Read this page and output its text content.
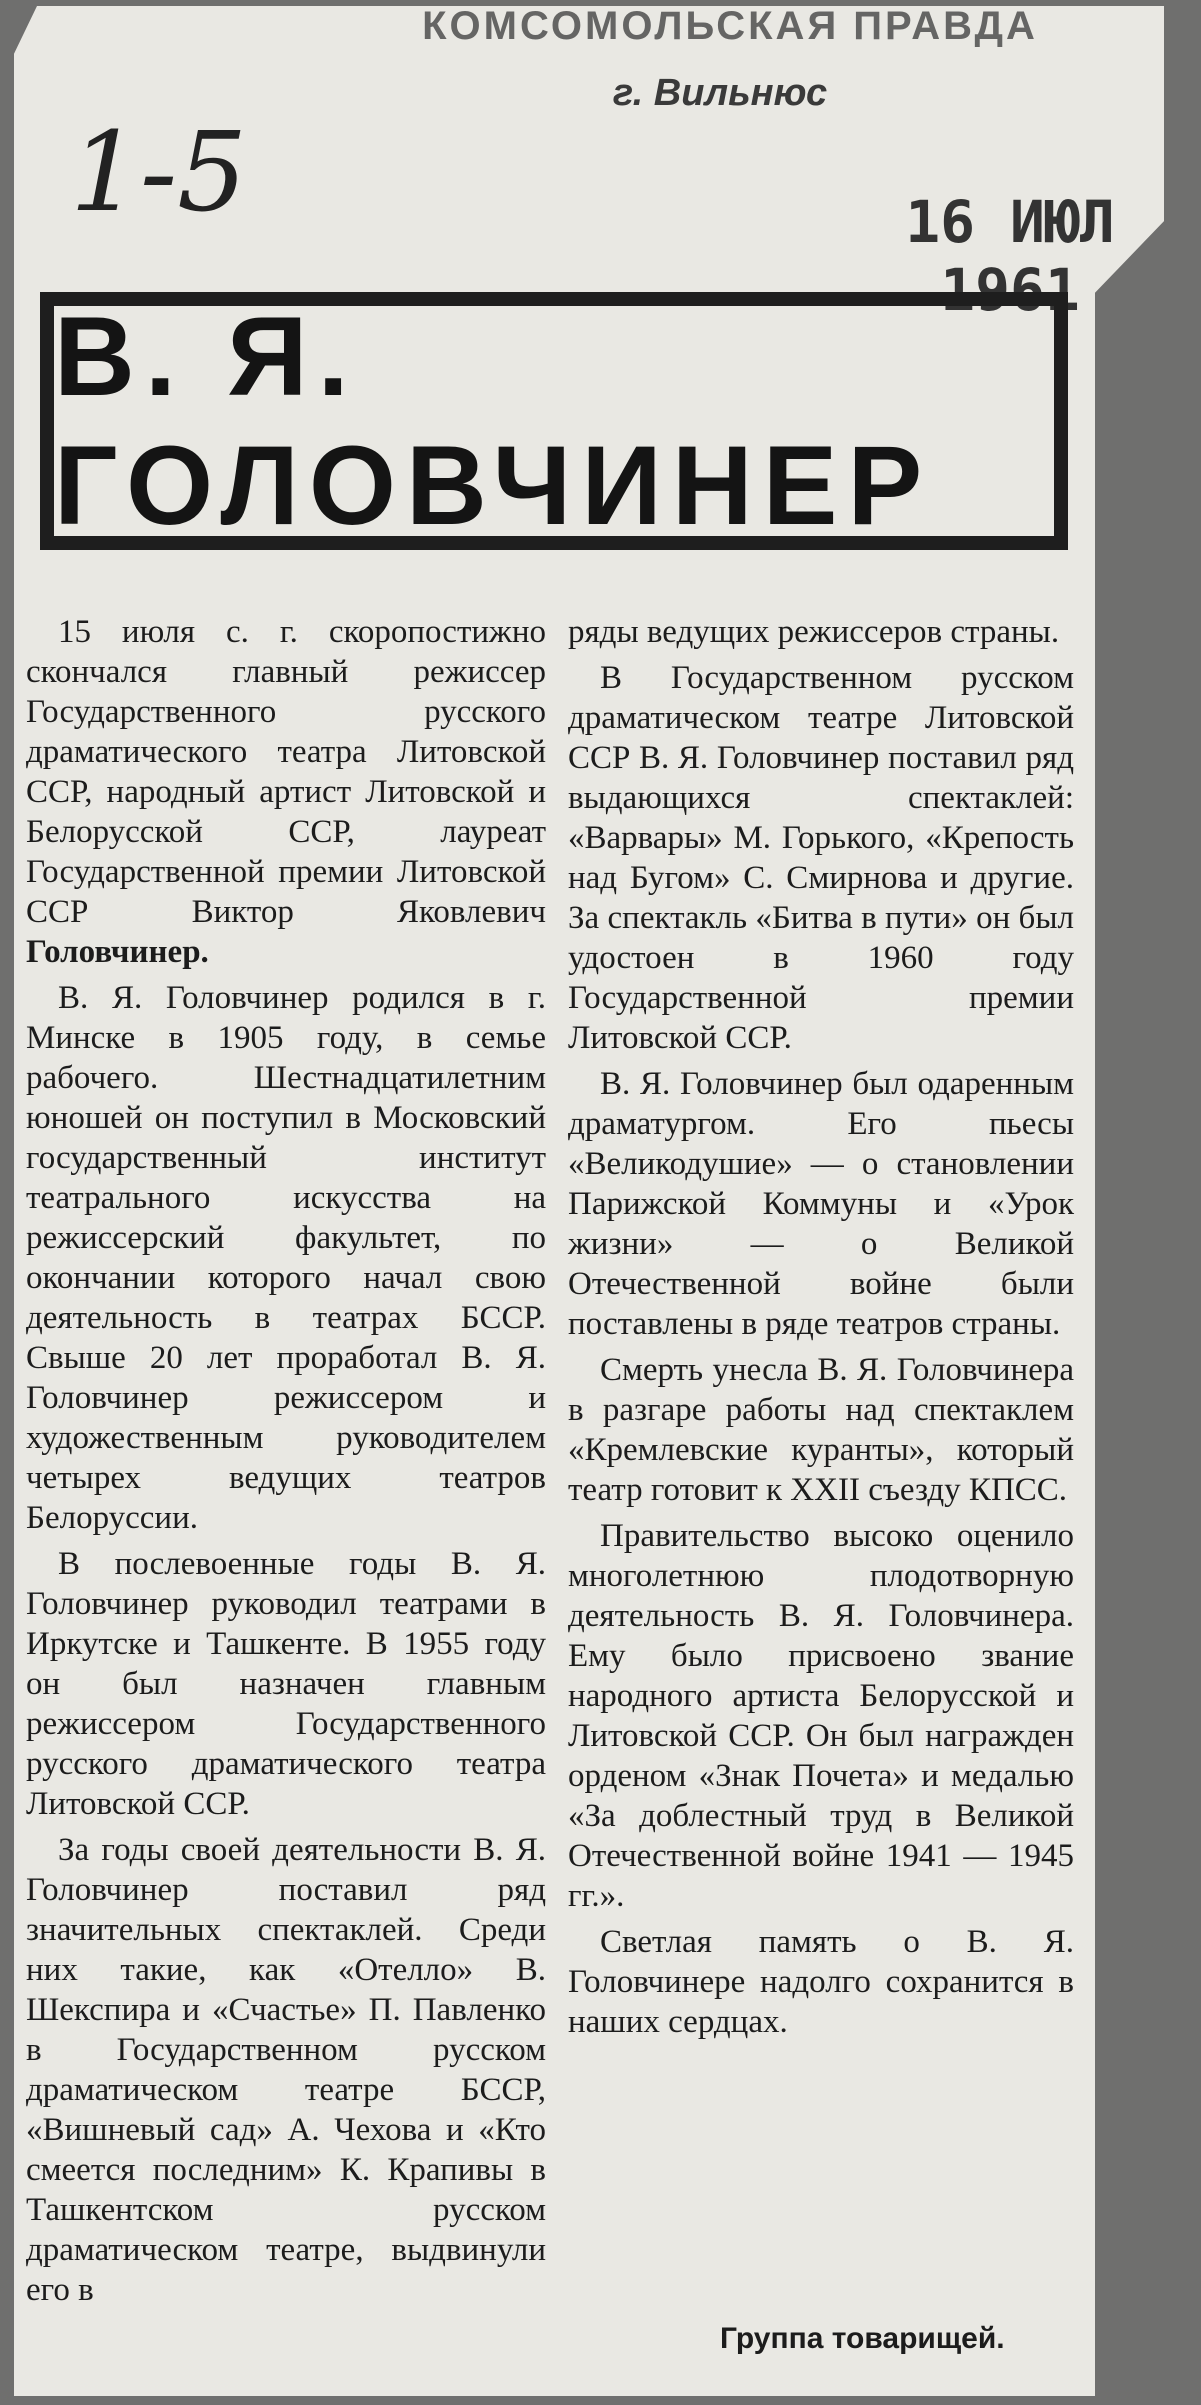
КОМСОМОЛЬСКАЯ ПРАВДА
г. Вильнюс
16 ИЮЛ 1961
1-5
В. Я. ГОЛОВЧИНЕР

15 июля с. г. скоропостижно скончался главный режиссер Государственного русского драматического театра Литовской ССР, народный артист Литовской и Белорусской ССР, лауреат Государственной премии Литовской ССР Виктор Яковлевич Головчинер.

В. Я. Головчинер родился в г. Минске в 1905 году, в семье рабочего. Шестнадцатилетним юношей он поступил в Московский государственный институт театрального искусства на режиссерский факультет, по окончании которого начал свою деятельность в театрах БССР. Свыше 20 лет проработал В. Я. Головчинер режиссером и художественным руководителем четырех ведущих театров Белоруссии.

В послевоенные годы В. Я. Головчинер руководил театрами в Иркутске и Ташкенте. В 1955 году он был назначен главным режиссером Государственного русского драматического театра Литовской ССР.

За годы своей деятельности В. Я. Головчинер поставил ряд значительных спектаклей. Среди них такие, как «Отелло» В. Шекспира и «Счастье» П. Павленко в Государственном русском драматическом театре БССР, «Вишневый сад» А. Чехова и «Кто смеется последним» К. Крапивы в Ташкентском русском драматическом театре, выдвинули его в

ряды ведущих режиссеров страны.

В Государственном русском драматическом театре Литовской ССР В. Я. Головчинер поставил ряд выдающихся спектаклей: «Варвары» М. Горького, «Крепость над Бугом» С. Смирнова и другие. За спектакль «Битва в пути» он был удостоен в 1960 году Государственной премии Литовской ССР.

В. Я. Головчинер был одаренным драматургом. Его пьесы «Великодушие» — о становлении Парижской Коммуны и «Урок жизни» — о Великой Отечественной войне были поставлены в ряде театров страны.

Смерть унесла В. Я. Головчинера в разгаре работы над спектаклем «Кремлевские куранты», который театр готовит к XXII съезду КПСС.

Правительство высоко оценило многолетнюю плодотворную деятельность В. Я. Головчинера. Ему было присвоено звание народного артиста Белорусской и Литовской ССР. Он был награжден орденом «Знак Почета» и медалью «За доблестный труд в Великой Отечественной войне 1941 — 1945 гг.».

Светлая память о В. Я. Головчинере надолго сохранится в наших сердцах.

Группа товарищей.
